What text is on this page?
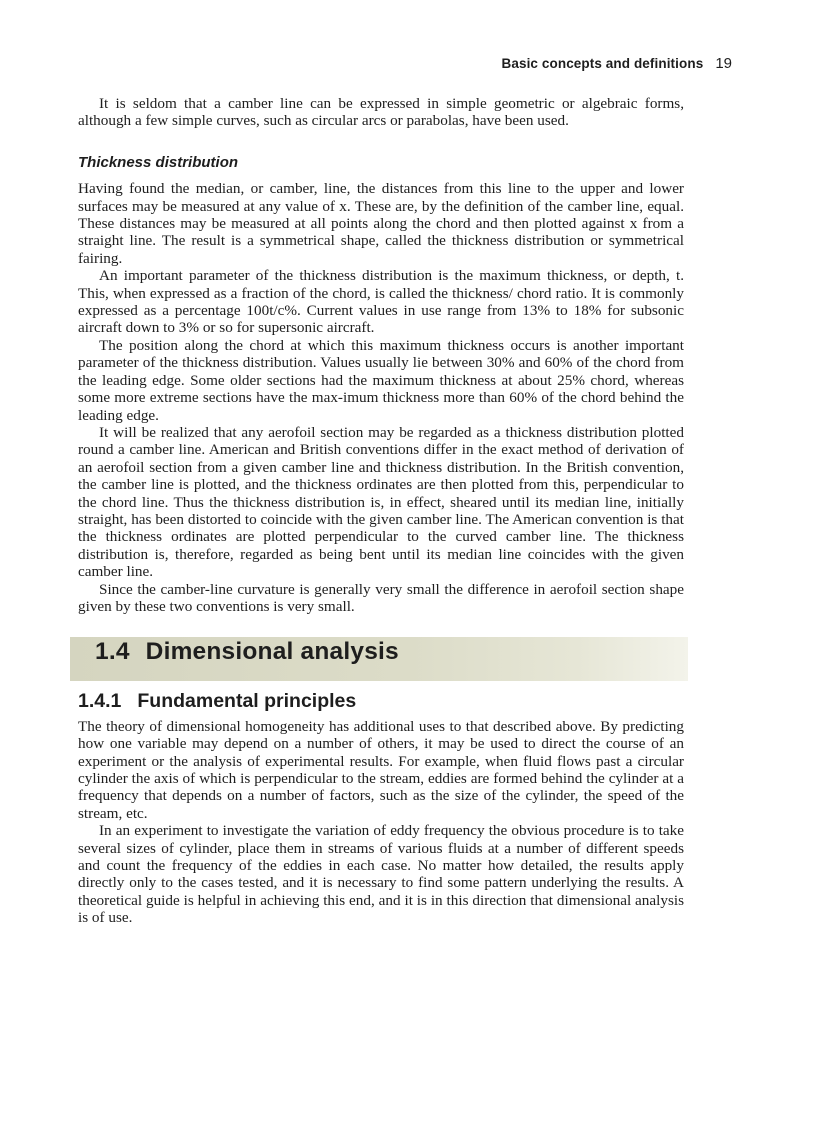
Basic concepts and definitions 19

It is seldom that a camber line can be expressed in simple geometric or algebraic forms, although a few simple curves, such as circular arcs or parabolas, have been used.

Thickness distribution

Having found the median, or camber, line, the distances from this line to the upper and lower surfaces may be measured at any value of x. These are, by the definition of the camber line, equal. These distances may be measured at all points along the chord and then plotted against x from a straight line. The result is a symmetrical shape, called the thickness distribution or symmetrical fairing.

An important parameter of the thickness distribution is the maximum thickness, or depth, t. This, when expressed as a fraction of the chord, is called the thickness/ chord ratio. It is commonly expressed as a percentage 100t/c%. Current values in use range from 13% to 18% for subsonic aircraft down to 3% or so for supersonic aircraft.

The position along the chord at which this maximum thickness occurs is another important parameter of the thickness distribution. Values usually lie between 30% and 60% of the chord from the leading edge. Some older sections had the maximum thickness at about 25% chord, whereas some more extreme sections have the max-imum thickness more than 60% of the chord behind the leading edge.

It will be realized that any aerofoil section may be regarded as a thickness distribution plotted round a camber line. American and British conventions differ in the exact method of derivation of an aerofoil section from a given camber line and thickness distribution. In the British convention, the camber line is plotted, and the thickness ordinates are then plotted from this, perpendicular to the chord line. Thus the thickness distribution is, in effect, sheared until its median line, initially straight, has been distorted to coincide with the given camber line. The American convention is that the thickness ordinates are plotted perpendicular to the curved camber line. The thickness distribution is, therefore, regarded as being bent until its median line coincides with the given camber line.

Since the camber-line curvature is generally very small the difference in aerofoil section shape given by these two conventions is very small.

1.4 Dimensional analysis
1.4.1 Fundamental principles

The theory of dimensional homogeneity has additional uses to that described above. By predicting how one variable may depend on a number of others, it may be used to direct the course of an experiment or the analysis of experimental results. For example, when fluid flows past a circular cylinder the axis of which is perpendicular to the stream, eddies are formed behind the cylinder at a frequency that depends on a number of factors, such as the size of the cylinder, the speed of the stream, etc.

In an experiment to investigate the variation of eddy frequency the obvious procedure is to take several sizes of cylinder, place them in streams of various fluids at a number of different speeds and count the frequency of the eddies in each case. No matter how detailed, the results apply directly only to the cases tested, and it is necessary to find some pattern underlying the results. A theoretical guide is helpful in achieving this end, and it is in this direction that dimensional analysis is of use.
